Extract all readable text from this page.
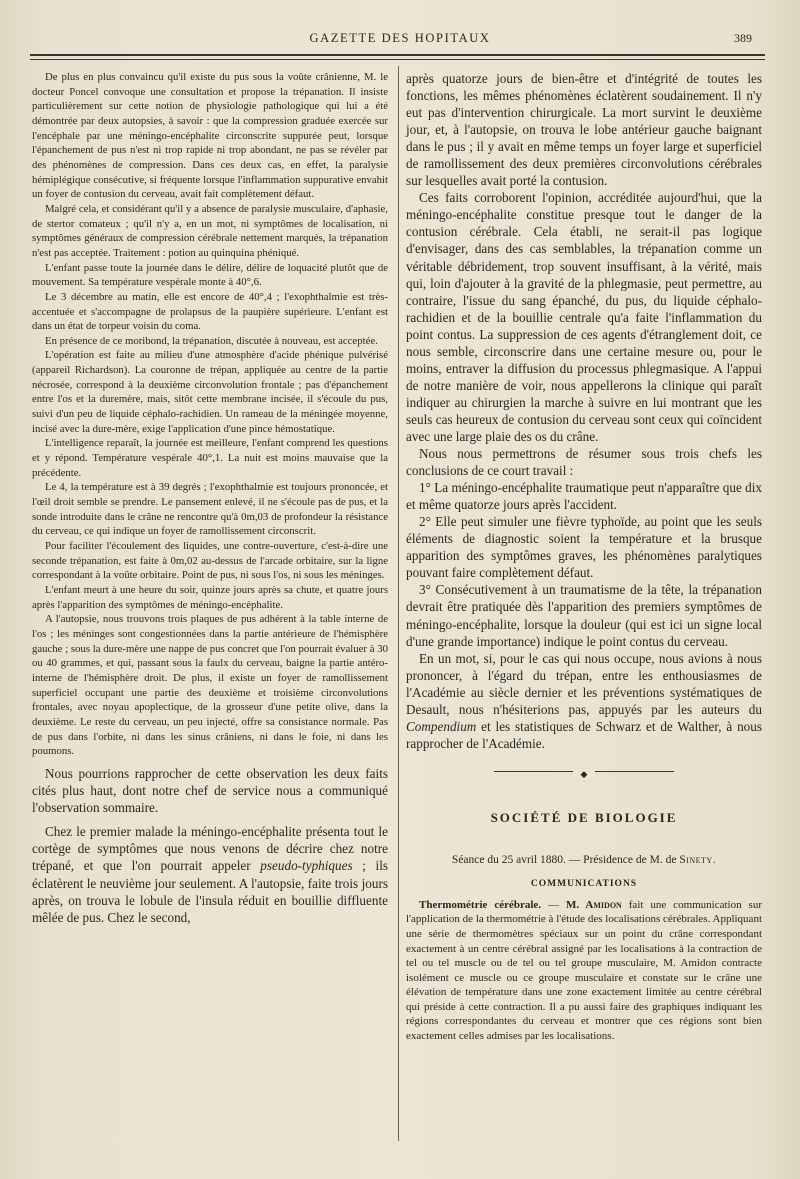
GAZETTE DES HOPITAUX	389

De plus en plus convaincu qu'il existe du pus sous la voûte crânienne, M. le docteur Poncel convoque une consultation et propose la trépanation. Il insiste particulièrement sur cette notion de physiologie pathologique qui lui a été démontrée par deux autopsies, à savoir : que la compression graduée exercée sur l'encéphale par une méningo-encéphalite circonscrite suppurée peut, lorsque l'épanchement de pus n'est ni trop rapide ni trop abondant, ne pas se révéler par des phénomènes de compression. Dans ces deux cas, en effet, la paralysie hémiplégique consécutive, si fréquente lorsque l'inflammation suppurative envahit un foyer de contusion du cerveau, avait fait complètement défaut.

Malgré cela, et considérant qu'il y a absence de paralysie musculaire, d'aphasie, de stertor comateux ; qu'il n'y a, en un mot, ni symptômes de localisation, ni symptômes généraux de compression cérébrale nettement marqués, la trépanation n'est pas acceptée. Traitement : potion au quinquina phéniqué.

L'enfant passe toute la journée dans le délire, délire de loquacité plutôt que de mouvement. Sa température vespérale monte à 40°,6.

Le 3 décembre au matin, elle est encore de 40°,4 ; l'exophthalmie est très-accentuée et s'accompagne de prolapsus de la paupière supérieure. L'enfant est dans un état de torpeur voisin du coma.

En présence de ce moribond, la trépanation, discutée à nouveau, est acceptée.

L'opération est faite au milieu d'une atmosphère d'acide phénique pulvérisé (appareil Richardson). La couronne de trépan, appliquée au centre de la partie nécrosée, correspond à la deuxième circonvolution frontale ; pas d'épanchement entre l'os et la duremère, mais, sitôt cette membrane incisée, il s'écoule du pus, suivi d'un peu de liquide céphalo-rachidien. Un rameau de la méningée moyenne, incisé avec la dure-mère, exige l'application d'une pince hémostatique.

L'intelligence reparaît, la journée est meilleure, l'enfant comprend les questions et y répond. Température vespérale 40°,1. La nuit est moins mauvaise que la précédente.

Le 4, la température est à 39 degrés ; l'exophthalmie est toujours prononcée, et l'œil droit semble se prendre. Le pansement enlevé, il ne s'écoule pas de pus, et la sonde introduite dans le crâne ne rencontre qu'à 0m,03 de profondeur la résistance du cerveau, ce qui indique un foyer de ramollissement circonscrit.

Pour faciliter l'écoulement des liquides, une contre-ouverture, c'est-à-dire une seconde trépanation, est faite à 0m,02 au-dessus de l'arcade orbitaire, sur la ligne correspondant à la voûte orbitaire. Point de pus, ni sous l'os, ni sous les méninges.

L'enfant meurt à une heure du soir, quinze jours après sa chute, et quatre jours après l'apparition des symptômes de méningo-encéphalite.

A l'autopsie, nous trouvons trois plaques de pus adhérent à la table interne de l'os ; les méninges sont congestionnées dans la partie antérieure de l'hémisphère gauche ; sous la dure-mère une nappe de pus concret que l'on pourrait évaluer à 30 ou 40 grammes, et qui, passant sous la faulx du cerveau, baigne la partie antéro-interne de l'hémisphère droit. De plus, il existe un foyer de ramollissement superficiel occupant une partie des deuxième et troisième circonvolutions frontales, avec noyau apoplectique, de la grosseur d'une petite olive, dans la deuxième. Le reste du cerveau, un peu injecté, offre sa consistance normale. Pas de pus dans l'orbite, ni dans les sinus crâniens, ni dans le foie, ni dans les poumons.

Nous pourrions rapprocher de cette observation les deux faits cités plus haut, dont notre chef de service nous a communiqué l'observation sommaire.

Chez le premier malade la méningo-encéphalite présenta tout le cortège de symptômes que nous venons de décrire chez notre trépané, et que l'on pourrait appeler pseudo-typhiques ; ils éclatèrent le neuvième jour seulement. A l'autopsie, faite trois jours après, on trouva le lobule de l'insula réduit en bouillie diffluente mêlée de pus. Chez le second,

après quatorze jours de bien-être et d'intégrité de toutes les fonctions, les mêmes phénomènes éclatèrent soudainement. Il n'y eut pas d'intervention chirurgicale. La mort survint le deuxième jour, et, à l'autopsie, on trouva le lobe antérieur gauche baignant dans le pus ; il y avait en même temps un foyer large et superficiel de ramollissement des deux premières circonvolutions cérébrales sur lesquelles avait porté la contusion.

Ces faits corroborent l'opinion, accréditée aujourd'hui, que la méningo-encéphalite constitue presque tout le danger de la contusion cérébrale. Cela établi, ne serait-il pas logique d'envisager, dans des cas semblables, la trépanation comme un véritable débridement, trop souvent insuffisant, à la vérité, mais qui, loin d'ajouter à la gravité de la phlegmasie, peut permettre, au contraire, l'issue du sang épanché, du pus, du liquide céphalo-rachidien et de la bouillie centrale qu'a faite l'inflammation du point contus. La suppression de ces agents d'étranglement doit, ce nous semble, circonscrire dans une certaine mesure ou, pour le moins, entraver la diffusion du processus phlegmasique. A l'appui de notre manière de voir, nous appellerons la clinique qui paraît indiquer au chirurgien la marche à suivre en lui montrant que les seuls cas heureux de contusion du cerveau sont ceux qui coïncident avec une large plaie des os du crâne.

Nous nous permettrons de résumer sous trois chefs les conclusions de ce court travail :

1° La méningo-encéphalite traumatique peut n'apparaître que dix et même quatorze jours après l'accident.

2° Elle peut simuler une fièvre typhoïde, au point que les seuls éléments de diagnostic soient la température et la brusque apparition des symptômes graves, les phénomènes paralytiques pouvant faire complètement défaut.

3° Consécutivement à un traumatisme de la tête, la trépanation devrait être pratiquée dès l'apparition des premiers symptômes de méningo-encéphalite, lorsque la douleur (qui est ici un signe local d'une grande importance) indique le point contus du cerveau.

En un mot, si, pour le cas qui nous occupe, nous avions à nous prononcer, à l'égard du trépan, entre les enthousiasmes de l'Académie au siècle dernier et les préventions systématiques de Desault, nous n'hésiterions pas, appuyés par les auteurs du Compendium et les statistiques de Schwarz et de Walther, à nous rapprocher de l'Académie.

$_◆$
SOCIÉTÉ DE BIOLOGIE
Séance du 25 avril 1880. — Présidence de M. de Sinety.
COMMUNICATIONS

Thermométrie cérébrale. — M. Amidon fait une communication sur l'application de la thermométrie à l'étude des localisations cérébrales. Appliquant une série de thermomètres spéciaux sur un point du crâne correspondant exactement à un centre cérébral assigné par les localisations à la contraction de tel ou tel muscle ou de tel ou tel groupe musculaire, M. Amidon contracte isolément ce muscle ou ce groupe musculaire et constate sur le crâne une élévation de température dans une zone exactement limitée au centre cérébral qui préside à cette contraction. Il a pu aussi faire des graphiques indiquant les régions correspondantes du cerveau et montrer que ces régions sont bien exactement celles admises par les localisations.
